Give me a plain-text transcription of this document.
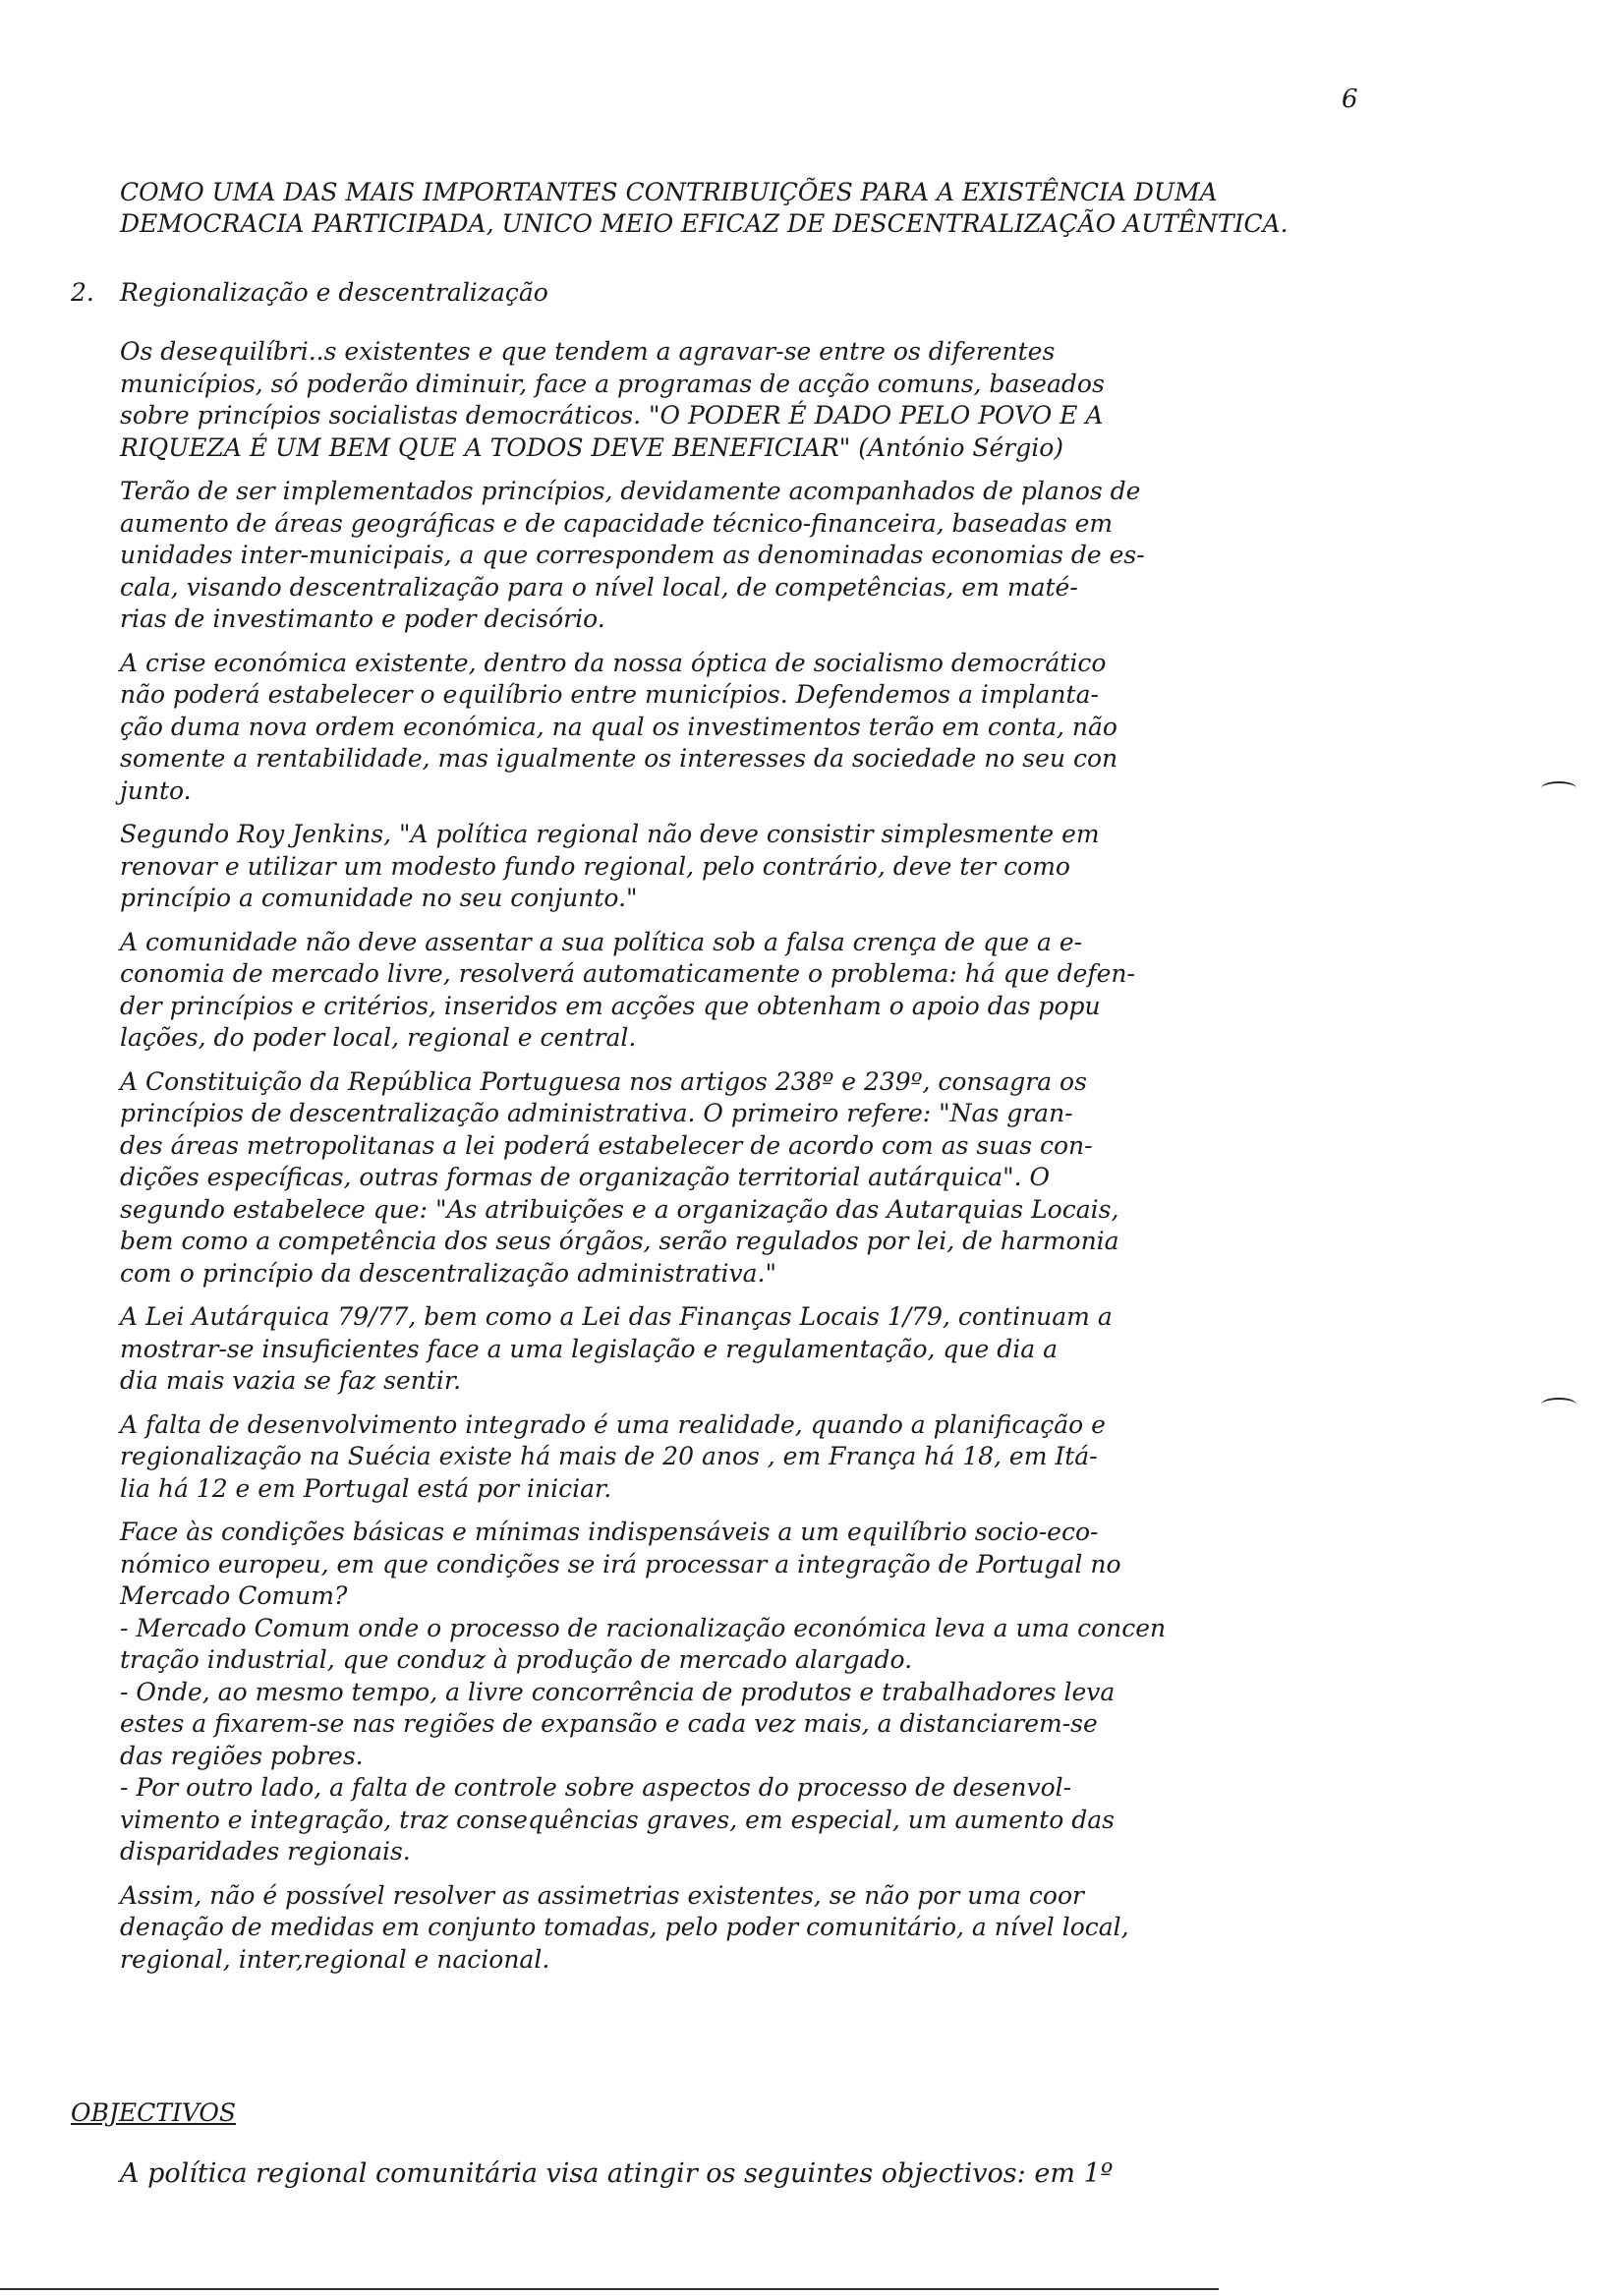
6

COMO UMA DAS MAIS IMPORTANTES CONTRIBUIÇÕES PARA A EXISTÊNCIA DUMA DEMOCRACIA PARTICIPADA, UNICO MEIO EFICAZ DE DESCENTRALIZAÇÃO AUTÊNTICA.

2. Regionalização e descentralização

Os desequilíbri..s existentes e que tendem a agravar-se entre os diferentes
municípios, só poderão diminuir, face a programas de acção comuns, baseados
sobre princípios socialistas democráticos. "O PODER É DADO PELO POVO E A
RIQUEZA É UM BEM QUE A TODOS DEVE BENEFICIAR" (António Sérgio)

Terão de ser implementados princípios, devidamente acompanhados de planos de
aumento de áreas geográficas e de capacidade técnico-financeira, baseadas em
unidades inter-municipais, a que correspondem as denominadas economias de es-
cala, visando descentralização para o nível local, de competências, em maté-
rias de investimanto e poder decisório.

A crise económica existente, dentro da nossa óptica de socialismo democrático
não poderá estabelecer o equilíbrio entre municípios. Defendemos a implanta-
ção duma nova ordem económica, na qual os investimentos terão em conta, não
somente a rentabilidade, mas igualmente os interesses da sociedade no seu con
junto.

Segundo Roy Jenkins, "A política regional não deve consistir simplesmente em
renovar e utilizar um modesto fundo regional, pelo contrário, deve ter como
princípio a comunidade no seu conjunto."

A comunidade não deve assentar a sua política sob a falsa crença de que a e-
conomia de mercado livre, resolverá automaticamente o problema: há que defen-
der princípios e critérios, inseridos em acções que obtenham o apoio das popu
lações, do poder local, regional e central.

A Constituição da República Portuguesa nos artigos 238º e 239º, consagra os
princípios de descentralização administrativa. O primeiro refere: "Nas gran-
des áreas metropolitanas a lei poderá estabelecer de acordo com as suas con-
dições específicas, outras formas de organização territorial autárquica". O
segundo estabelece que: "As atribuições e a organização das Autarquias Locais,
bem como a competência dos seus órgãos, serão regulados por lei, de harmonia
com o princípio da descentralização administrativa."

A Lei Autárquica 79/77, bem como a Lei das Finanças Locais 1/79, continuam a
mostrar-se insuficientes face a uma legislação e regulamentação, que dia a
dia mais vazia se faz sentir.

A falta de desenvolvimento integrado é uma realidade, quando a planificação e
regionalização na Suécia existe há mais de 20 anos , em França há 18, em Itá-
lia há 12 e em Portugal está por iniciar.

Face às condições básicas e mínimas indispensáveis a um equilíbrio socio-eco-
nómico europeu, em que condições se irá processar a integração de Portugal no
Mercado Comum?
- Mercado Comum onde o processo de racionalização económica leva a uma concen
tração industrial, que conduz à produção de mercado alargado.
- Onde, ao mesmo tempo, a livre concorrência de produtos e trabalhadores leva
estes a fixarem-se nas regiões de expansão e cada vez mais, a distanciarem-se
das regiões pobres.
- Por outro lado, a falta de controle sobre aspectos do processo de desenvol-
vimento e integração, traz consequências graves, em especial, um aumento das
disparidades regionais.

Assim, não é possível resolver as assimetrias existentes, se não por uma coor
denação de medidas em conjunto tomadas, pelo poder comunitário, a nível local,
regional, inter,regional e nacional.

OBJECTIVOS

A política regional comunitária visa atingir os seguintes objectivos: em 1º
